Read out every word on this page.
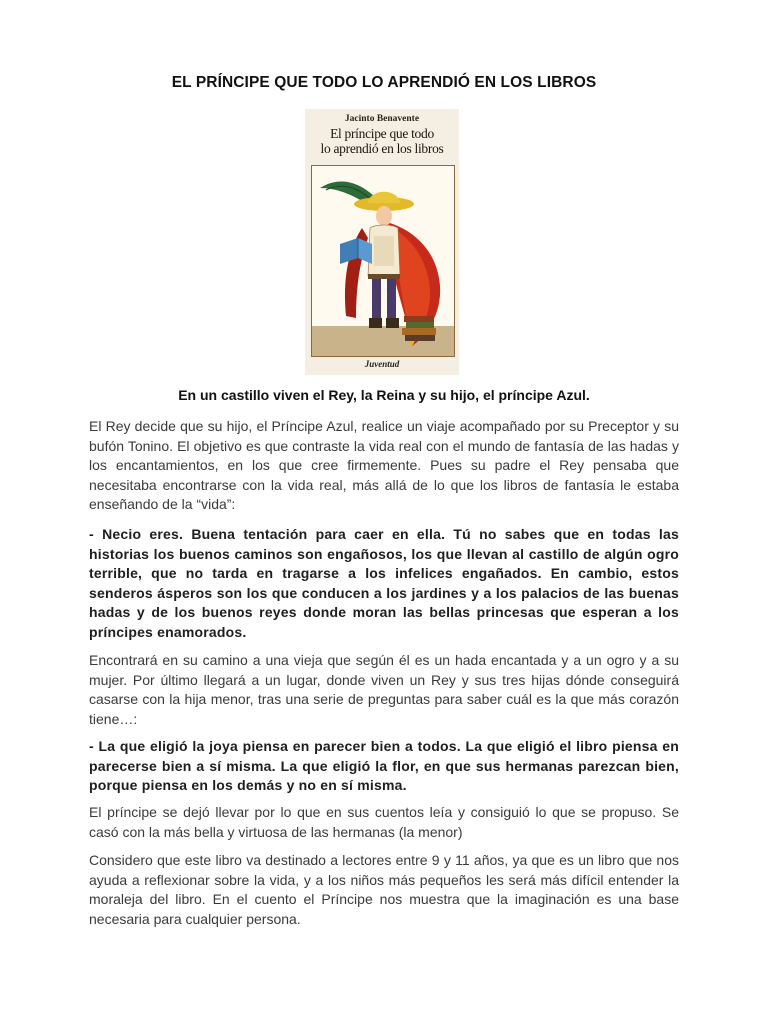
EL PRÍNCIPE QUE TODO LO APRENDIÓ EN LOS LIBROS
Jacinto Benavente
El príncipe que todo
lo aprendió en los libros
Juventud

En un castillo viven el Rey, la Reina y su hijo, el príncipe Azul.

El Rey decide que su hijo, el Príncipe Azul, realice un viaje acompañado por su Preceptor y su bufón Tonino. El objetivo es que contraste la vida real con el mundo de fantasía de las hadas y los encantamientos, en los que cree firmemente. Pues su padre el Rey pensaba que necesitaba encontrarse con la vida real, más allá de lo que los libros de fantasía le estaba enseñando de la “vida”:

- Necio eres. Buena tentación para caer en ella. Tú no sabes que en todas las historias los buenos caminos son engañosos, los que llevan al castillo de algún ogro terrible, que no tarda en tragarse a los infelices engañados. En cambio, estos senderos ásperos son los que conducen a los jardines y a los palacios de las buenas hadas y de los buenos reyes donde moran las bellas princesas que esperan a los príncipes enamorados.

Encontrará en su camino a una vieja que según él es un hada encantada y a un ogro y a su mujer. Por último llegará a un lugar, donde viven un Rey y sus tres hijas dónde conseguirá casarse con la hija menor, tras una serie de preguntas para saber cuál es la que más corazón tiene…:

- La que eligió la joya piensa en parecer bien a todos. La que eligió el libro piensa en parecerse bien a sí misma. La que eligió la flor, en que sus hermanas parezcan bien, porque piensa en los demás y no en sí misma.

El príncipe se dejó llevar por lo que en sus cuentos leía y consiguió lo que se propuso. Se casó con la más bella y virtuosa de las hermanas (la menor)

Considero que este libro va destinado a lectores entre 9 y 11 años, ya que es un libro que nos ayuda a reflexionar sobre la vida, y a los niños más pequeños les será más difícil entender la moraleja del libro. En el cuento el Príncipe nos muestra que la imaginación es una base necesaria para cualquier persona.
